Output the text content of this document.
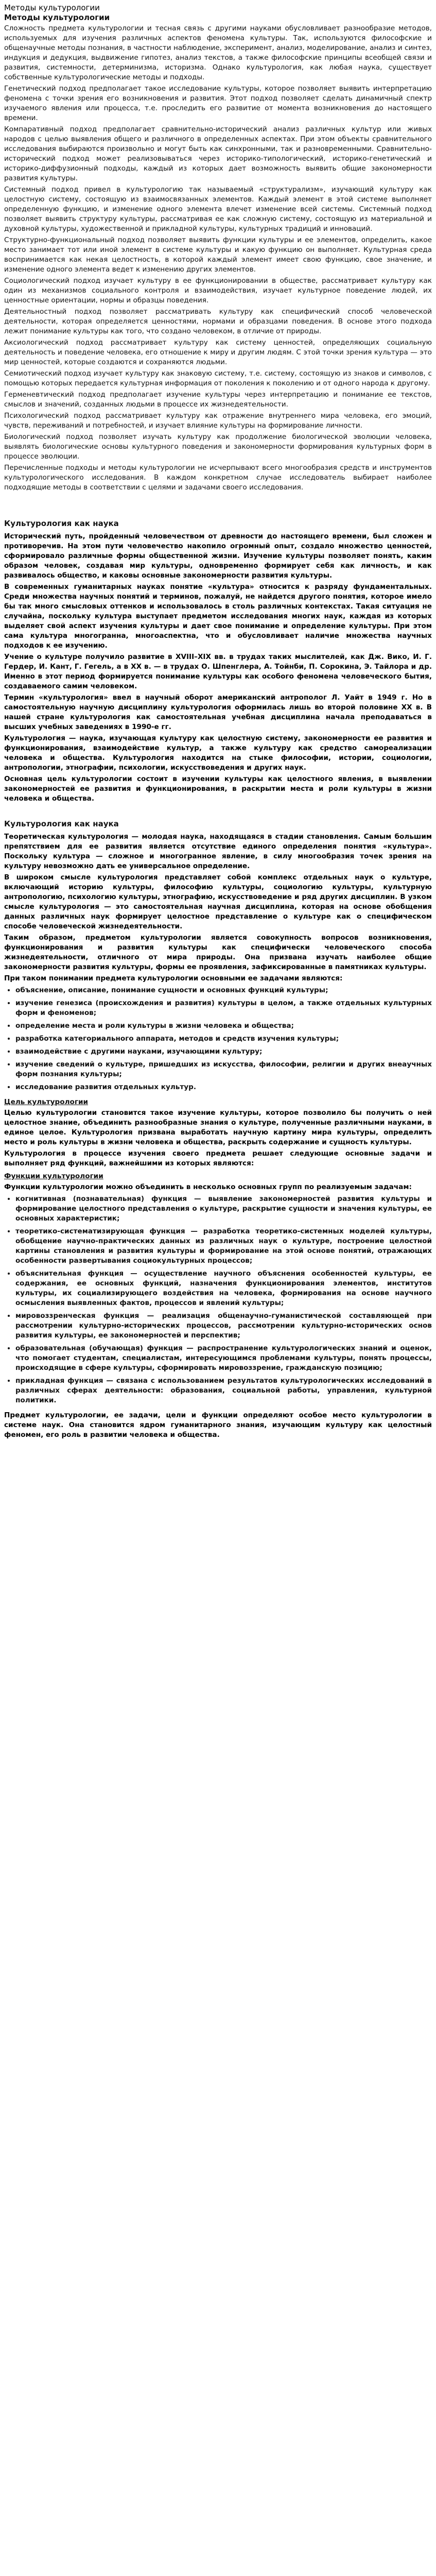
Методы культурологии

Методы культурологии

Сложность предмета культурологии и тесная связь с другими науками обусловливает разнообразие методов, используемых для изучения различных аспектов феномена культуры. Так, используются философские и общенаучные методы познания, в частности наблюдение, эксперимент, анализ, моделирование, анализ и синтез, индукция и дедукция, выдвижение гипотез, анализ текстов, а также философские принципы всеобщей связи и развития, системности, детерминизма, историзма. Однако культурология, как любая наука, существует собственные культурологические методы и подходы.

Генетический подход предполагает такое исследование культуры, которое позволяет выявить интерпретацию феномена с точки зрения его возникновения и развития. Этот подход позволяет сделать динамичный спектр изучаемого явления или процесса, т.е. проследить его развитие от момента возникновения до настоящего времени.

Компаративный подход предполагает сравнительно-исторический анализ различных культур или живых народов с целью выявления общего и различного в определенных аспектах. При этом объекты сравнительного исследования выбираются произвольно и могут быть как синхронными, так и разновременными. Сравнительно-исторический подход может реализовываться через историко-типологический, историко-генетический и историко-диффузионный подходы, каждый из которых дает возможность выявить общие закономерности развития культуры.

Системный подход привел в культурологию так называемый «структурализм», изучающий культуру как целостную систему, состоящую из взаимосвязанных элементов. Каждый элемент в этой системе выполняет определенную функцию, и изменение одного элемента влечет изменение всей системы. Системный подход позволяет выявить структуру культуры, рассматривая ее как сложную систему, состоящую из материальной и духовной культуры, художественной и прикладной культуры, культурных традиций и инноваций.

Структурно-функциональный подход позволяет выявить функции культуры и ее элементов, определить, какое место занимает тот или иной элемент в системе культуры и какую функцию он выполняет. Культурная среда воспринимается как некая целостность, в которой каждый элемент имеет свою функцию, свое значение, и изменение одного элемента ведет к изменению других элементов.

Социологический подход изучает культуру в ее функционировании в обществе, рассматривает культуру как один из механизмов социального контроля и взаимодействия, изучает культурное поведение людей, их ценностные ориентации, нормы и образцы поведения.

Деятельностный подход позволяет рассматривать культуру как специфический способ человеческой деятельности, которая определяется ценностями, нормами и образцами поведения. В основе этого подхода лежит понимание культуры как того, что создано человеком, в отличие от природы.

Аксиологический подход рассматривает культуру как систему ценностей, определяющих социальную деятельность и поведение человека, его отношение к миру и другим людям. С этой точки зрения культура — это мир ценностей, которые создаются и сохраняются людьми.

Семиотический подход изучает культуру как знаковую систему, т.е. систему, состоящую из знаков и символов, с помощью которых передается культурная информация от поколения к поколению и от одного народа к другому.

Герменевтический подход предполагает изучение культуры через интерпретацию и понимание ее текстов, смыслов и значений, созданных людьми в процессе их жизнедеятельности.

Психологический подход рассматривает культуру как отражение внутреннего мира человека, его эмоций, чувств, переживаний и потребностей, и изучает влияние культуры на формирование личности.

Биологический подход позволяет изучать культуру как продолжение биологической эволюции человека, выявлять биологические основы культурного поведения и закономерности формирования культурных форм в процессе эволюции.

Перечисленные подходы и методы культурологии не исчерпывают всего многообразия средств и инструментов культурологического исследования. В каждом конкретном случае исследователь выбирает наиболее подходящие методы в соответствии с целями и задачами своего исследования.

Культурология как наука

Исторический путь, пройденный человечеством от древности до настоящего времени, был сложен и противоречив. На этом пути человечество накопило огромный опыт, создало множество ценностей, сформировало различные формы общественной жизни. Изучение культуры позволяет понять, каким образом человек, создавая мир культуры, одновременно формирует себя как личность, и как развивалось общество, и каковы основные закономерности развития культуры.

В современных гуманитарных науках понятие «культура» относится к разряду фундаментальных. Среди множества научных понятий и терминов, пожалуй, не найдется другого понятия, которое имело бы так много смысловых оттенков и использовалось в столь различных контекстах. Такая ситуация не случайна, поскольку культура выступает предметом исследования многих наук, каждая из которых выделяет свой аспект изучения культуры и дает свое понимание и определение культуры. При этом сама культура многогранна, многоаспектна, что и обусловливает наличие множества научных подходов к ее изучению.

Учение о культуре получило развитие в XVIII–XIX вв. в трудах таких мыслителей, как Дж. Вико, И. Г. Гердер, И. Кант, Г. Гегель, а в XX в. — в трудах О. Шпенглера, А. Тойнби, П. Сорокина, Э. Тайлора и др. Именно в этот период формируется понимание культуры как особого феномена человеческого бытия, создаваемого самим человеком.

Термин «культурология» ввел в научный оборот американский антрополог Л. Уайт в 1949 г. Но в самостоятельную научную дисциплину культурология оформилась лишь во второй половине XX в. В нашей стране культурология как самостоятельная учебная дисциплина начала преподаваться в высших учебных заведениях в 1990-е гг.

Культурология — наука, изучающая культуру как целостную систему, закономерности ее развития и функционирования, взаимодействие культур, а также культуру как средство самореализации человека и общества. Культурология находится на стыке философии, истории, социологии, антропологии, этнографии, психологии, искусствоведения и других наук.

Основная цель культурологии состоит в изучении культуры как целостного явления, в выявлении закономерностей ее развития и функционирования, в раскрытии места и роли культуры в жизни человека и общества.

Культурология как наука

Теоретическая культурология — молодая наука, находящаяся в стадии становления. Самым большим препятствием для ее развития является отсутствие единого определения понятия «культура». Поскольку культура — сложное и многогранное явление, в силу многообразия точек зрения на культуру невозможно дать ее универсальное определение.

В широком смысле культурология представляет собой комплекс отдельных наук о культуре, включающий историю культуры, философию культуры, социологию культуры, культурную антропологию, психологию культуры, этнографию, искусствоведение и ряд других дисциплин. В узком смысле культурология — это самостоятельная научная дисциплина, которая на основе обобщения данных различных наук формирует целостное представление о культуре как о специфическом способе человеческой жизнедеятельности.

Таким образом, предметом культурологии является совокупность вопросов возникновения, функционирования и развития культуры как специфически человеческого способа жизнедеятельности, отличного от мира природы. Она призвана изучать наиболее общие закономерности развития культуры, формы ее проявления, зафиксированные в памятниках культуры.

При таком понимании предмета культурологии основными ее задачами являются:

• объяснение, описание, понимание сущности и основных функций культуры;
• изучение генезиса (происхождения и развития) культуры в целом, а также отдельных культурных форм и феноменов;
• определение места и роли культуры в жизни человека и общества;
• разработка категориального аппарата, методов и средств изучения культуры;
• взаимодействие с другими науками, изучающими культуру;
• изучение сведений о культуре, пришедших из искусства, философии, религии и других внеаучных форм познания культуры;
• исследование развития отдельных культур.

Цель культурологии

Целью культурологии становится такое изучение культуры, которое позволило бы получить о ней целостное знание, объединить разнообразные знания о культуре, полученные различными науками, в единое целое. Культурология призвана выработать научную картину мира культуры, определить место и роль культуры в жизни человека и общества, раскрыть содержание и сущность культуры.

Культурология в процессе изучения своего предмета решает следующие основные задачи и выполняет ряд функций, важнейшими из которых являются:

Функции культурологии

Функции культурологии можно объединить в несколько основных групп по реализуемым задачам:

• когнитивная (познавательная) функция — выявление закономерностей развития культуры и формирование целостного представления о культуре, раскрытие сущности и значения культуры, ее основных характеристик;
• теоретико-систематизирующая функция — разработка теоретико-системных моделей культуры, обобщение научно-практических данных из различных наук о культуре, построение целостной картины становления и развития культуры и формирование на этой основе понятий, отражающих особенности развертывания социокультурных процессов;
• объяснительная функция — осуществление научного объяснения особенностей культуры, ее содержания, ее основных функций, назначения функционирования элементов, институтов культуры, их социализирующего воздействия на человека, формирования на основе научного осмысления выявленных фактов, процессов и явлений культуры;
• мировоззренческая функция — реализация общенаучно-гуманистической составляющей при рассмотрении культурно-исторических процессов, рассмотрении культурно-исторических основ развития культуры, ее закономерностей и перспектив;
• образовательная (обучающая) функция — распространение культурологических знаний и оценок, что помогает студентам, специалистам, интересующимся проблемами культуры, понять процессы, происходящие в сфере культуры, сформировать мировоззрение, гражданскую позицию;
• прикладная функция — связана с использованием результатов культурологических исследований в различных сферах деятельности: образования, социальной работы, управления, культурной политики.

Предмет культурологии, ее задачи, цели и функции определяют особое место культурологии в системе наук. Она становится ядром гуманитарного знания, изучающим культуру как целостный феномен, его роль в развитии человека и общества.
